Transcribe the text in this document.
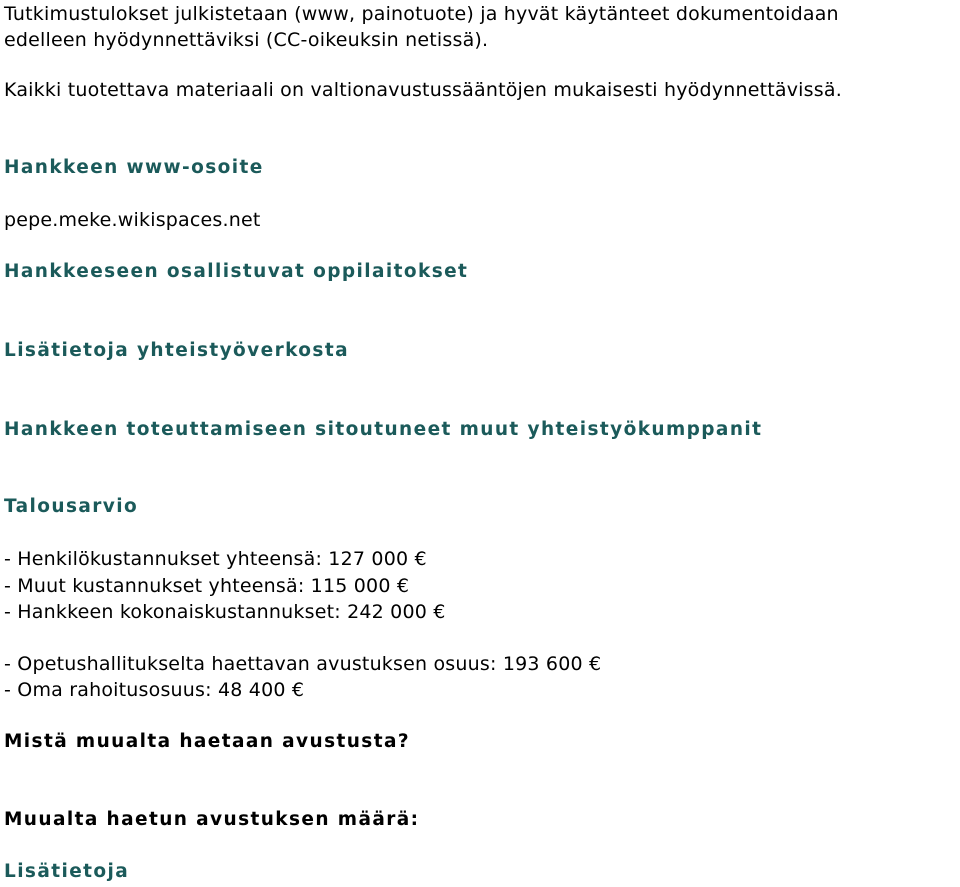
Tutkimustulokset julkistetaan (www, painotuote) ja hyvät käytänteet dokumentoidaan
edelleen hyödynnettäviksi (CC-oikeuksin netissä).
Kaikki tuotettava materiaali on valtionavustussääntöjen mukaisesti hyödynnettävissä.
Hankkeen www-osoite
pepe.meke.wikispaces.net
Hankkeeseen osallistuvat oppilaitokset
Lisätietoja yhteistyöverkosta
Hankkeen toteuttamiseen sitoutuneet muut yhteistyökumppanit
Talousarvio
- Henkilökustannukset yhteensä: 127 000 €
- Muut kustannukset yhteensä: 115 000 €
- Hankkeen kokonaiskustannukset: 242 000 €
- Opetushallitukselta haettavan avustuksen osuus: 193 600 €
- Oma rahoitusosuus: 48 400 €
Mistä muualta haetaan avustusta?
Muualta haetun avustuksen määrä:
Lisätietoja
